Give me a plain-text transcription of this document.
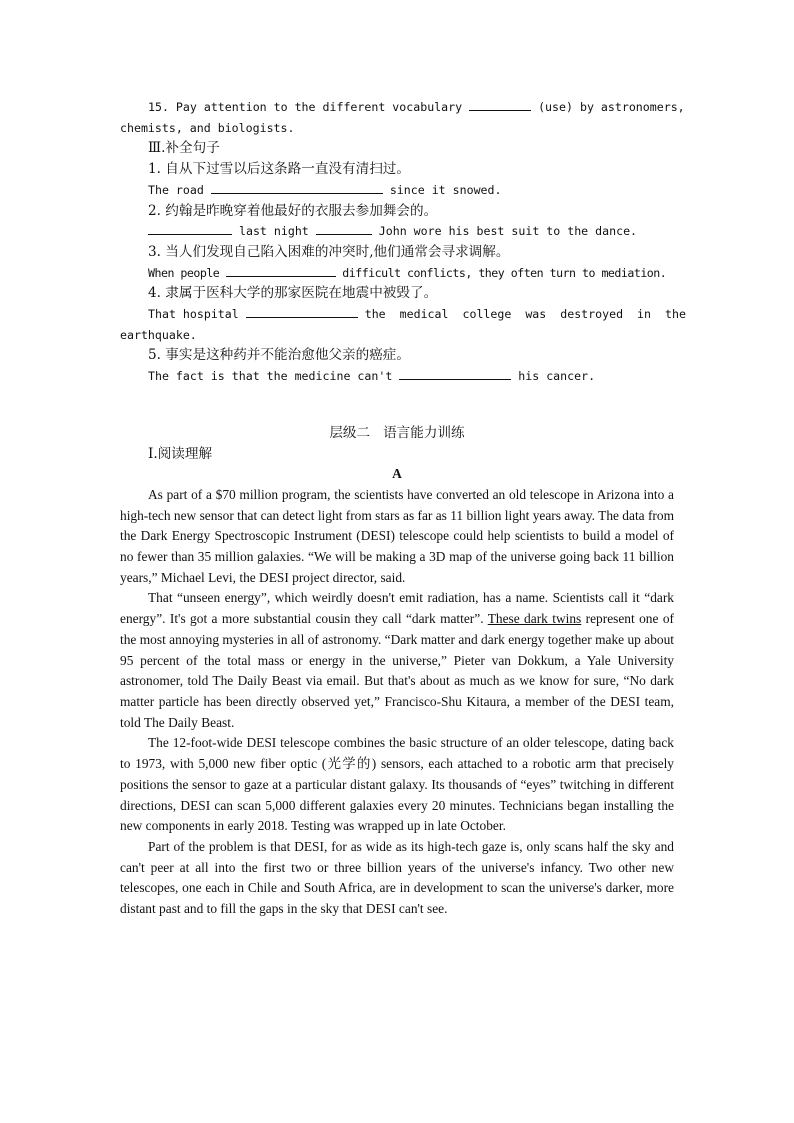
15. Pay attention to the different vocabulary	(use) by astronomers,

chemists, and biologists.

Ⅲ.补全句子

1. 自从下过雪以后这条路一直没有清扫过。

The road	since it snowed.

2. 约翰是昨晚穿着他最好的衣服去参加舞会的。

last night	John wore his best suit to the dance.

3. 当人们发现自己陷入困难的冲突时,他们通常会寻求调解。

When people	difficult conflicts, they often turn to mediation.

4. 隶属于医科大学的那家医院在地震中被毁了。

That hospital	the medical college was destroyed in the

earthquake.

5. 事实是这种药并不能治愈他父亲的癌症。

The fact is that the medicine can't	his cancer.

层级二   语言能力训练

Ⅰ.阅读理解

A

As part of a $70 million program, the scientists have converted an old telescope in Arizona into a high-tech new sensor that can detect light from stars as far as 11 billion light years away. The data from the Dark Energy Spectroscopic Instrument (DESI) telescope could help scientists to build a model of no fewer than 35 million galaxies. “We will be making a 3D map of the universe going back 11 billion years,” Michael Levi, the DESI project director, said.

That “unseen energy”, which weirdly doesn't emit radiation, has a name. Scientists call it “dark energy”. It's got a more substantial cousin they call “dark matter”. These dark twins represent one of the most annoying mysteries in all of astronomy. “Dark matter and dark energy together make up about 95 percent of the total mass or energy in the universe,” Pieter van Dokkum, a Yale University astronomer, told The Daily Beast via email. But that's about as much as we know for sure, “No dark matter particle has been directly observed yet,” Francisco-Shu Kitaura, a member of the DESI team, told The Daily Beast.

The 12-foot-wide DESI telescope combines the basic structure of an older telescope, dating back to 1973, with 5,000 new fiber optic (光学的) sensors, each attached to a robotic arm that precisely positions the sensor to gaze at a particular distant galaxy. Its thousands of “eyes” twitching in different directions, DESI can scan 5,000 different galaxies every 20 minutes. Technicians began installing the new components in early 2018. Testing was wrapped up in late October.

Part of the problem is that DESI, for as wide as its high-tech gaze is, only scans half the sky and can't peer at all into the first two or three billion years of the universe's infancy. Two other new telescopes, one each in Chile and South Africa, are in development to scan the universe's darker, more distant past and to fill the gaps in the sky that DESI can't see.
